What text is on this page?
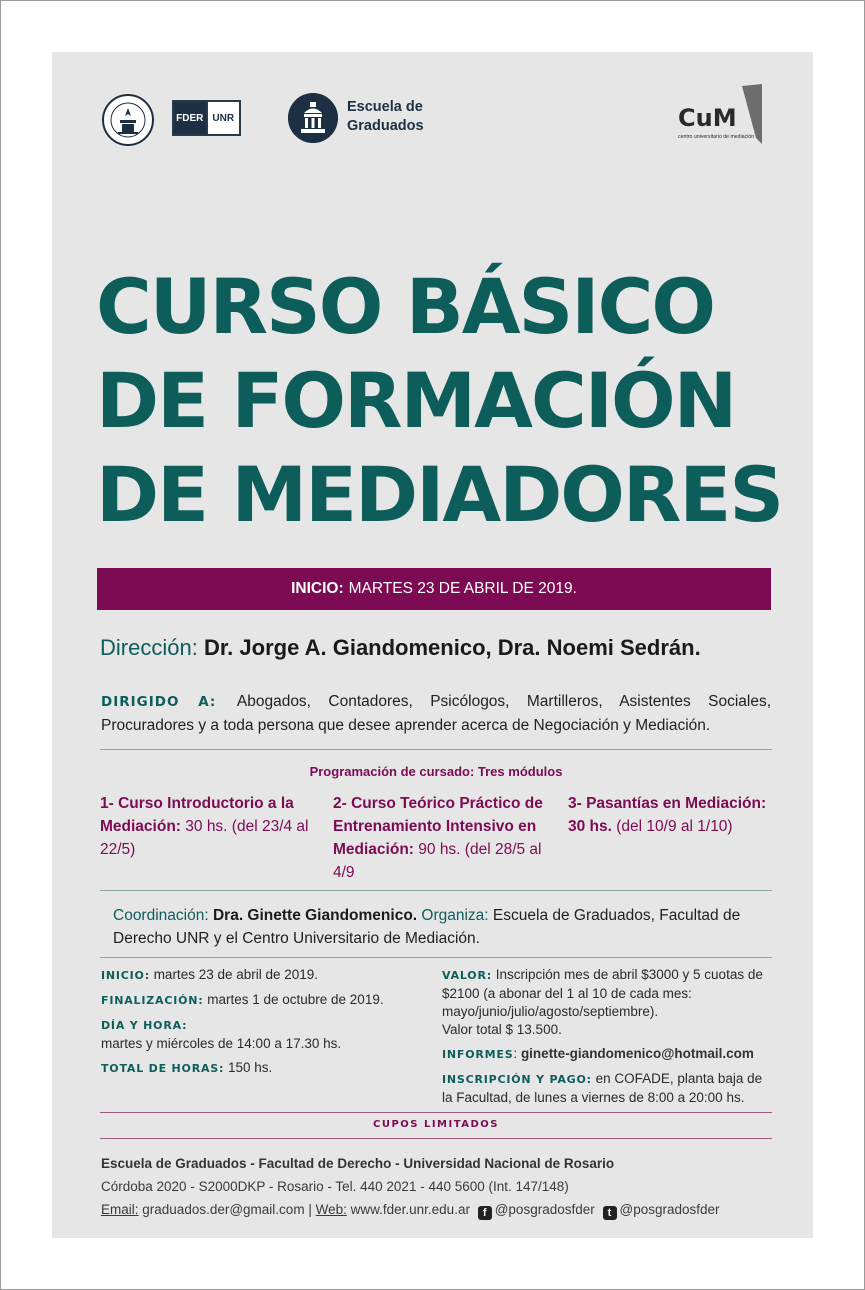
FDER UNR
Escuela de
Graduados	CuM
centro universitario de mediación
CURSO BÁSICO
DE FORMACIÓN
DE MEDIADORES
INICIO: MARTES 23 DE ABRIL DE 2019.
Dirección: Dr. Jorge A. Giandomenico, Dra. Noemi Sedrán.
DIRIGIDO A: Abogados, Contadores, Psicólogos, Martilleros, Asistentes Sociales, Procuradores y a toda persona que desee aprender acerca de Negociación y Mediación.
Programación de cursado: Tres módulos
1- Curso Introductorio a la Mediación: 30 hs. (del 23/4 al 22/5)
2- Curso Teórico Práctico de Entrenamiento Intensivo en Mediación: 90 hs. (del 28/5 al 4/9
3- Pasantías en Mediación: 30 hs. (del 10/9 al 1/10)
Coordinación: Dra. Ginette Giandomenico. Organiza: Escuela de Graduados, Facultad de Derecho UNR y el Centro Universitario de Mediación.

INICIO: martes 23 de abril de 2019.

FINALIZACIÓN: martes 1 de octubre de 2019.

DÍA Y HORA:
martes y miércoles de 14:00 a 17.30 hs.

TOTAL DE HORAS: 150 hs.

VALOR: Inscripción mes de abril $3000 y 5 cuotas de $2100 (a abonar del 1 al 10 de cada mes: mayo/junio/julio/agosto/septiembre).
Valor total $ 13.500.

INFORMES: ginette-giandomenico@hotmail.com

INSCRIPCIÓN Y PAGO: en COFADE, planta baja de la Facultad, de lunes a viernes de 8:00 a 20:00 hs.

CUPOS LIMITADOS
Escuela de Graduados - Facultad de Derecho - Universidad Nacional de Rosario
Córdoba 2020 - S2000DKP - Rosario - Tel. 440 2021 - 440 5600 (Int. 147/148)
Email: graduados.der@gmail.com | Web: www.fder.unr.edu.ar f @posgradosfder t @posgradosfder
